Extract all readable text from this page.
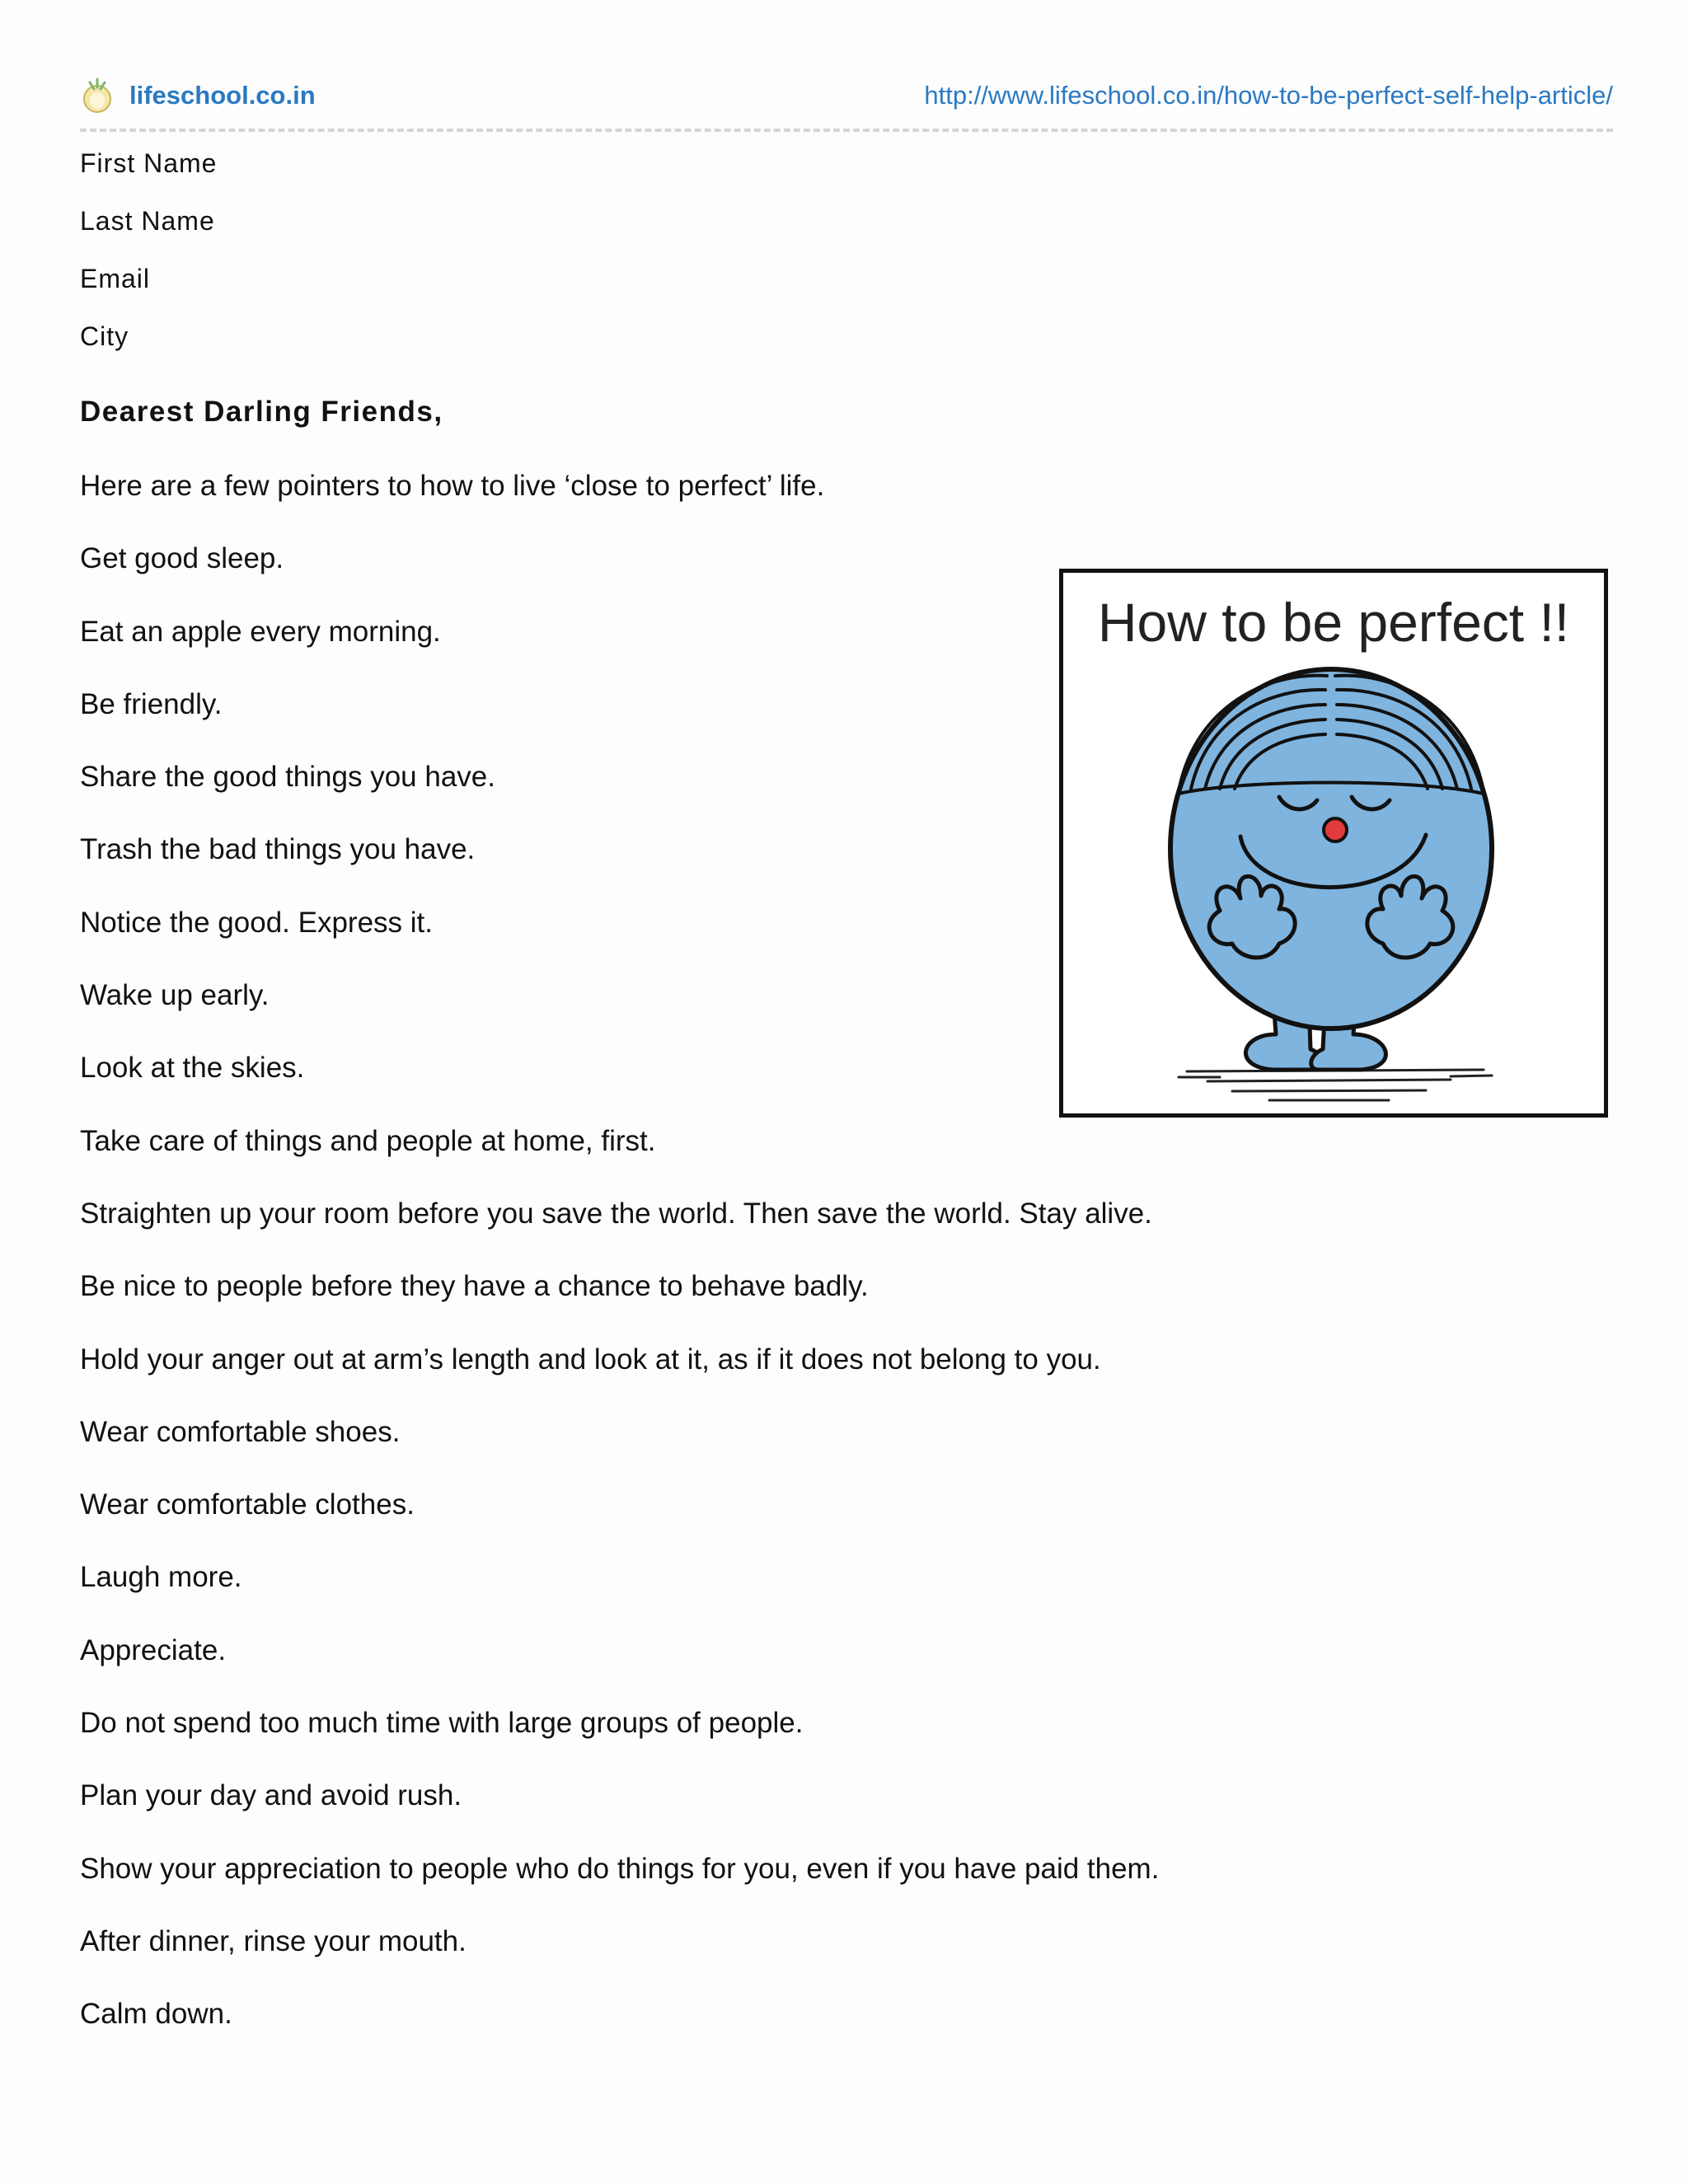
lifeschool.co.in	http://www.lifeschool.co.in/how-to-be-perfect-self-help-article/
First Name
Last Name
Email
City
Dearest Darling Friends,
Here are a few pointers to how to live ‘close to perfect’ life.
Get good sleep.
Eat an apple every morning.
Be friendly.
Share the good things you have.
Trash the bad things you have.
Notice the good. Express it.
Wake up early.
Look at the skies.
Take care of things and people at home, first.
Straighten up your room before you save the world. Then save the world. Stay alive.
Be nice to people before they have a chance to behave badly.
Hold your anger out at arm’s length and look at it, as if it does not belong to you.
Wear comfortable shoes.
Wear comfortable clothes.
Laugh more.
Appreciate.
Do not spend too much time with large groups of people.
Plan your day and avoid rush.
Show your appreciation to people who do things for you, even if you have paid them.
After dinner, rinse your mouth.
Calm down.
How to be perfect !!
